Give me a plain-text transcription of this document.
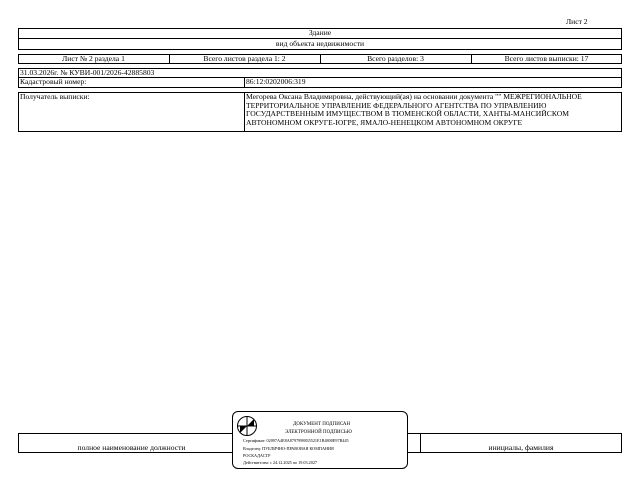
Лист 2
Здание
вид объекта недвижимости
Лист № 2 раздела 1	Всего листов раздела 1: 2	Всего разделов: 3	Всего листов выписки: 17
31.03.2026г. № КУВИ-001/2026-42885803
Кадастровый номер:	86:12:0202006:319
Получатель выписки:	Мегорева Оксана Владимировна, действующий(ая) на основании документа "" МЕЖРЕГИОНАЛЬНОЕ ТЕРРИТОРИАЛЬНОЕ УПРАВЛЕНИЕ ФЕДЕРАЛЬНОГО АГЕНТСТВА ПО УПРАВЛЕНИЮ ГОСУДАРСТВЕННЫМ ИМУЩЕСТВОМ В ТЮМЕНСКОЙ ОБЛАСТИ, ХАНТЫ-МАНСИЙСКОМ АВТОНОМНОМ ОКРУГЕ-ЮГРЕ, ЯМАЛО-НЕНЕЦКОМ АВТОНОМНОМ ОКРУГЕ
полное наименование должности	инициалы, фамилия
ДОКУМЕНТ ПОДПИСАН
ЭЛЕКТРОННОЙ ПОДПИСЬЮ
Сертификат: 02097A4E8A8797998835521E1B4800E97B445
Владелец: ПУБЛИЧНО-ПРАВОВАЯ КОМПАНИЯ
РОСКАДАСТР
Действителен: с 24.12.2025 по 19.03.2027
